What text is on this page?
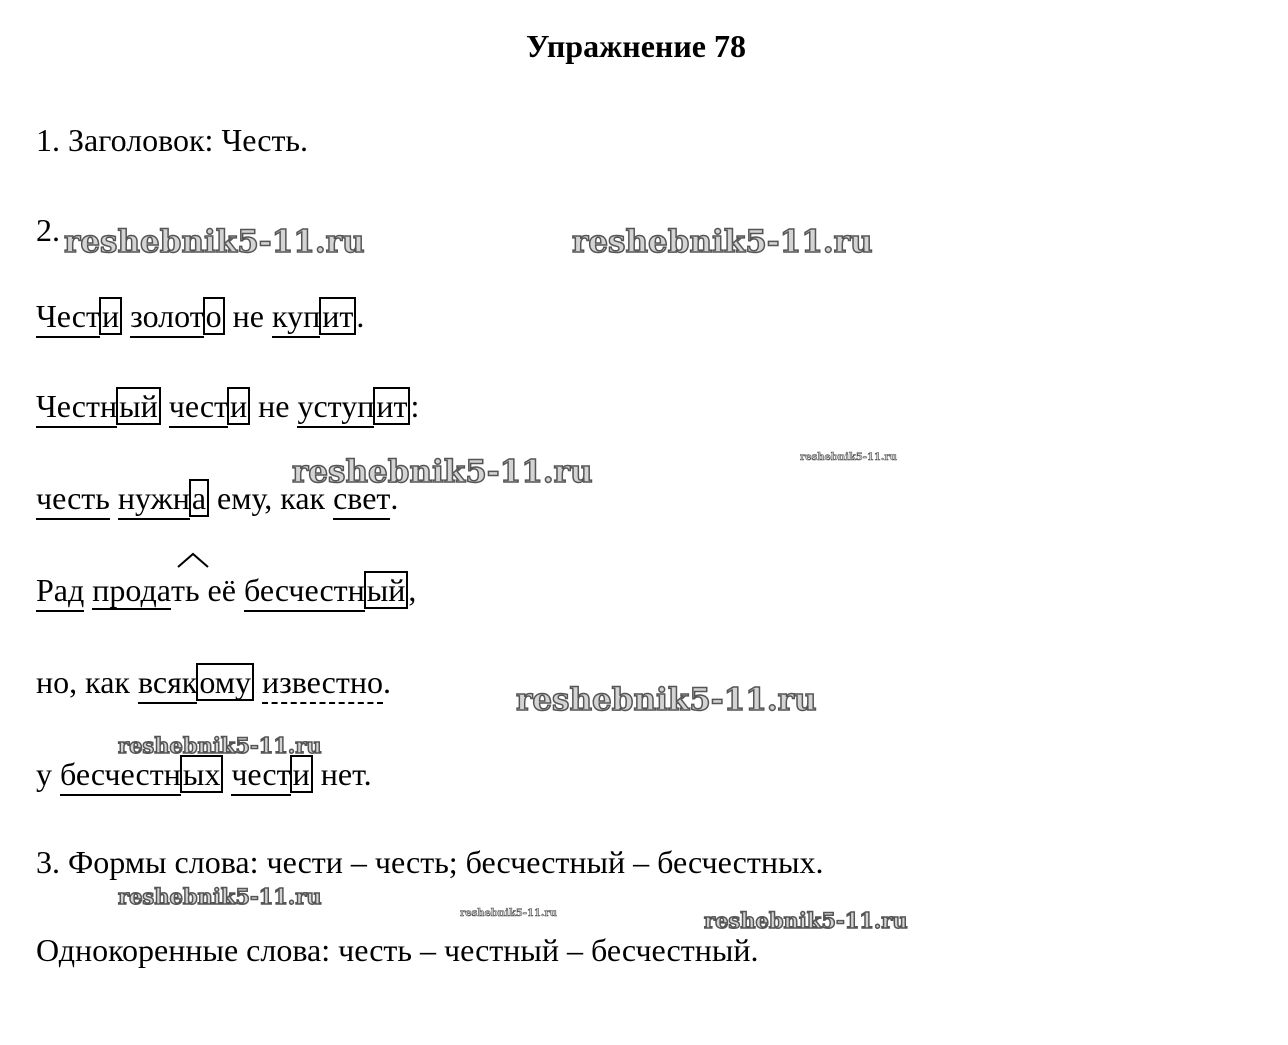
Упражнение 78
1. Заголовок: Честь.
2.
Чести золото не купит.
Честный чести не уступит:
честь нужна ему, как свет.
Рад прода
ть её бесчестный,
но, как всякому известно.
у бесчестных чести нет.
3. Формы слова: чести – честь; бесчестный – бесчестных.
Однокоренные слова: честь – честный – бесчестный.
reshebnik5-11.ru	reshebnik5-11.ru
reshebnik5-11.ru	reshebnik5-11.ru
reshebnik5-11.ru
reshebnik5-11.ru
reshebnik5-11.ru
reshebnik5-11.ru	reshebnik5-11.ru
